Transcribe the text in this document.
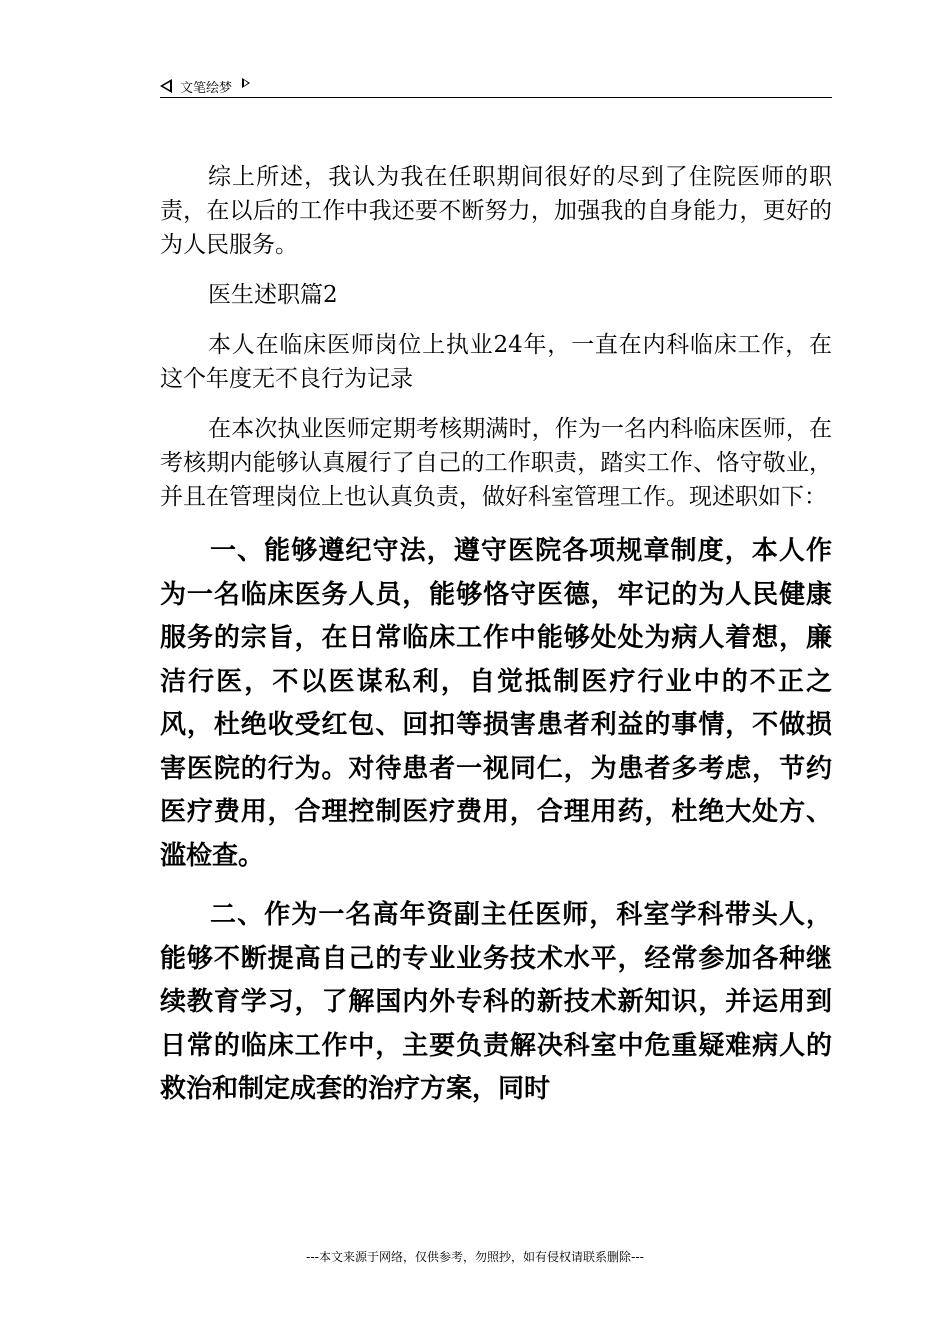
文笔绘梦

综上所述，我认为我在任职期间很好的尽到了住院医师的职责，在以后的工作中我还要不断努力，加强我的自身能力，更好的为人民服务。

医生述职篇2

本人在临床医师岗位上执业24年，一直在内科临床工作，在这个年度无不良行为记录

在本次执业医师定期考核期满时，作为一名内科临床医师，在考核期内能够认真履行了自己的工作职责，踏实工作、恪守敬业，并且在管理岗位上也认真负责，做好科室管理工作。现述职如下：

一、能够遵纪守法，遵守医院各项规章制度，本人作为一名临床医务人员，能够恪守医德，牢记的为人民健康服务的宗旨，在日常临床工作中能够处处为病人着想，廉洁行医，不以医谋私利，自觉抵制医疗行业中的不正之风，杜绝收受红包、回扣等损害患者利益的事情，不做损害医院的行为。对待患者一视同仁，为患者多考虑，节约医疗费用，合理控制医疗费用，合理用药，杜绝大处方、滥检查。

二、作为一名高年资副主任医师，科室学科带头人，能够不断提高自己的专业业务技术水平，经常参加各种继续教育学习，了解国内外专科的新技术新知识，并运用到日常的临床工作中，主要负责解决科室中危重疑难病人的救治和制定成套的治疗方案，同时

---本文来源于网络，仅供参考，勿照抄，如有侵权请联系删除---
